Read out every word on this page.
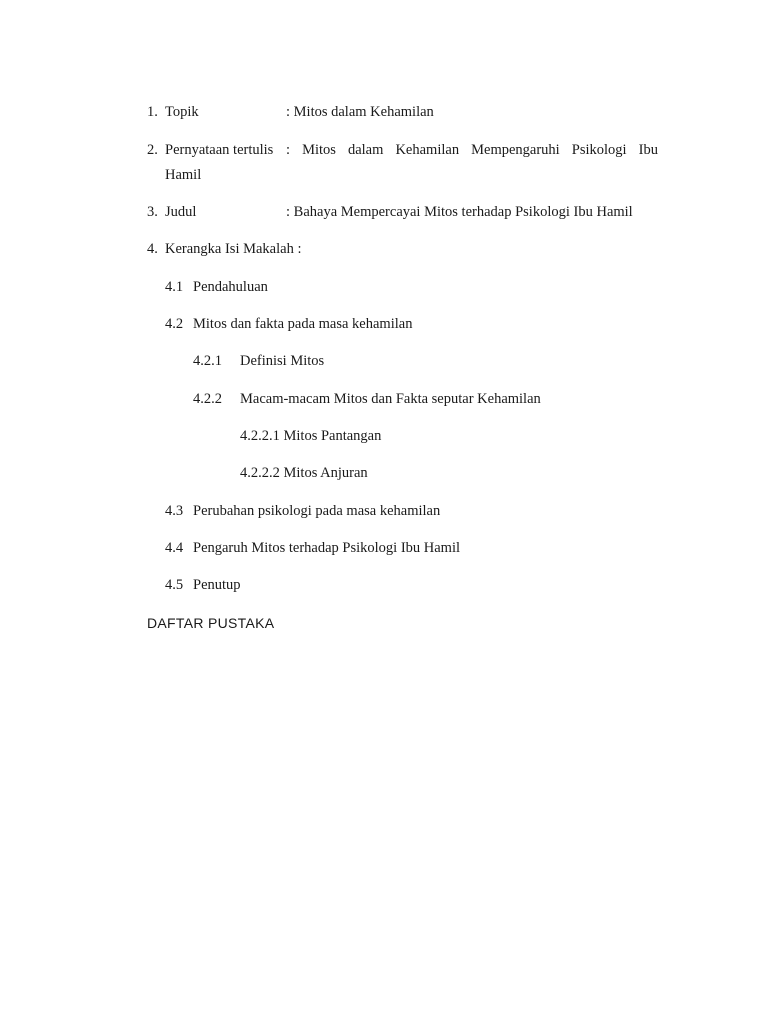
1. Topik	: Mitos dalam Kehamilan
2. Pernyataan tertulis : Mitos dalam Kehamilan Mempengaruhi Psikologi Ibu
Hamil
3. Judul	: Bahaya Mempercayai Mitos terhadap Psikologi Ibu Hamil
4. Kerangka Isi Makalah :
4.1 Pendahuluan
4.2 Mitos dan fakta pada masa kehamilan
4.2.1 Definisi Mitos
4.2.2 Macam-macam Mitos dan Fakta seputar Kehamilan
4.2.2.1 Mitos Pantangan
4.2.2.2 Mitos Anjuran
4.3 Perubahan psikologi pada masa kehamilan
4.4 Pengaruh Mitos terhadap Psikologi Ibu Hamil
4.5 Penutup
DAFTAR PUSTAKA
